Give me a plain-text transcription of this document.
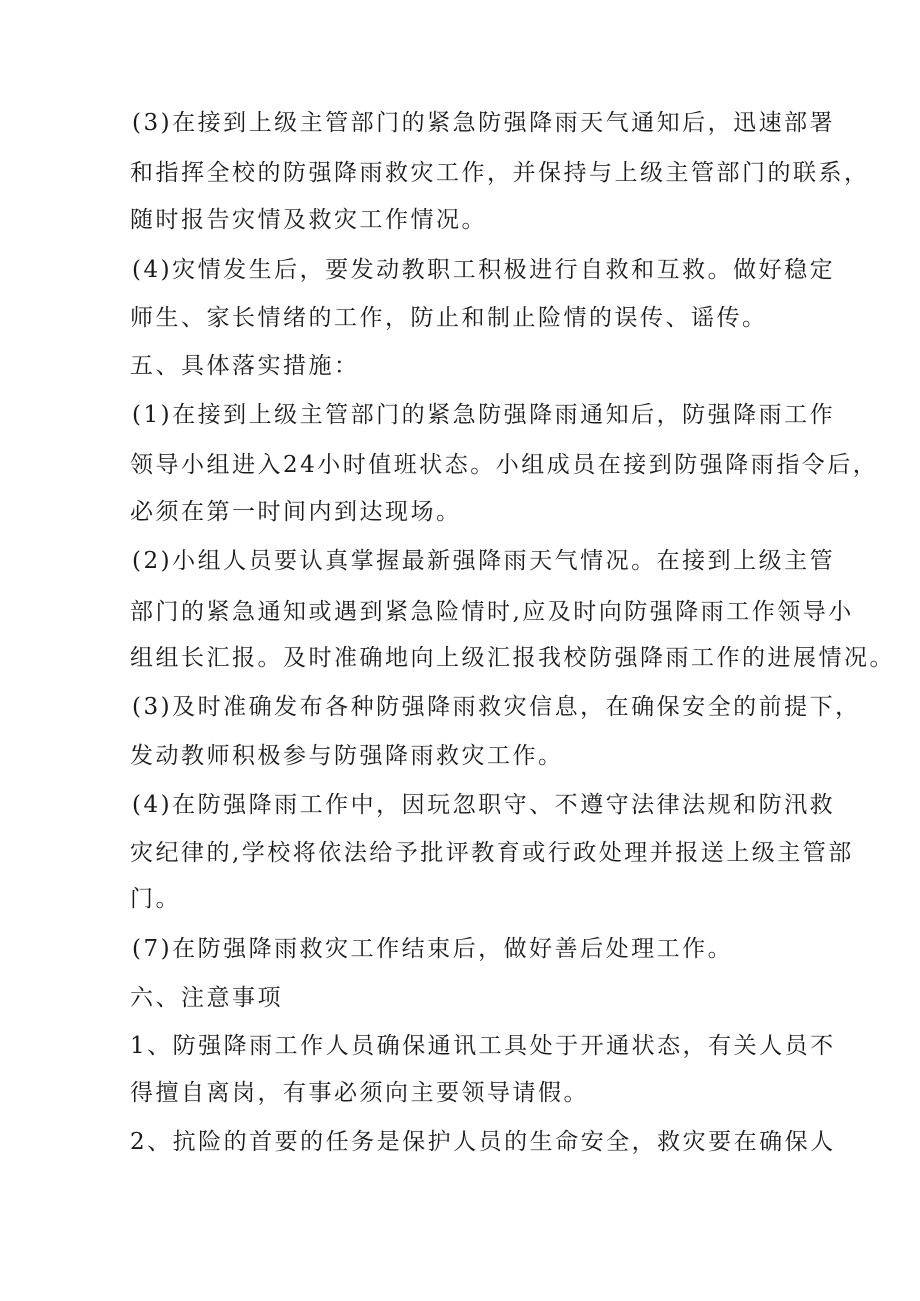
(3)在接到上级主管部门的紧急防强降雨天气通知后，迅速部署
和指挥全校的防强降雨救灾工作，并保持与上级主管部门的联系，
随时报告灾情及救灾工作情况。
(4)灾情发生后，要发动教职工积极进行自救和互救。做好稳定
师生、家长情绪的工作，防止和制止险情的误传、谣传。
五、具体落实措施：
(1)在接到上级主管部门的紧急防强降雨通知后，防强降雨工作
领导小组进入24小时值班状态。小组成员在接到防强降雨指令后，
必须在第一时间内到达现场。
(2)小组人员要认真掌握最新强降雨天气情况。在接到上级主管
部门的紧急通知或遇到紧急险情时,应及时向防强降雨工作领导小
组组长汇报。及时准确地向上级汇报我校防强降雨工作的进展情况。
(3)及时准确发布各种防强降雨救灾信息，在确保安全的前提下，
发动教师积极参与防强降雨救灾工作。
(4)在防强降雨工作中，因玩忽职守、不遵守法律法规和防汛救
灾纪律的,学校将依法给予批评教育或行政处理并报送上级主管部
门。
(7)在防强降雨救灾工作结束后，做好善后处理工作。
六、注意事项
1、防强降雨工作人员确保通讯工具处于开通状态，有关人员不
得擅自离岗，有事必须向主要领导请假。
2、抗险的首要的任务是保护人员的生命安全，救灾要在确保人
